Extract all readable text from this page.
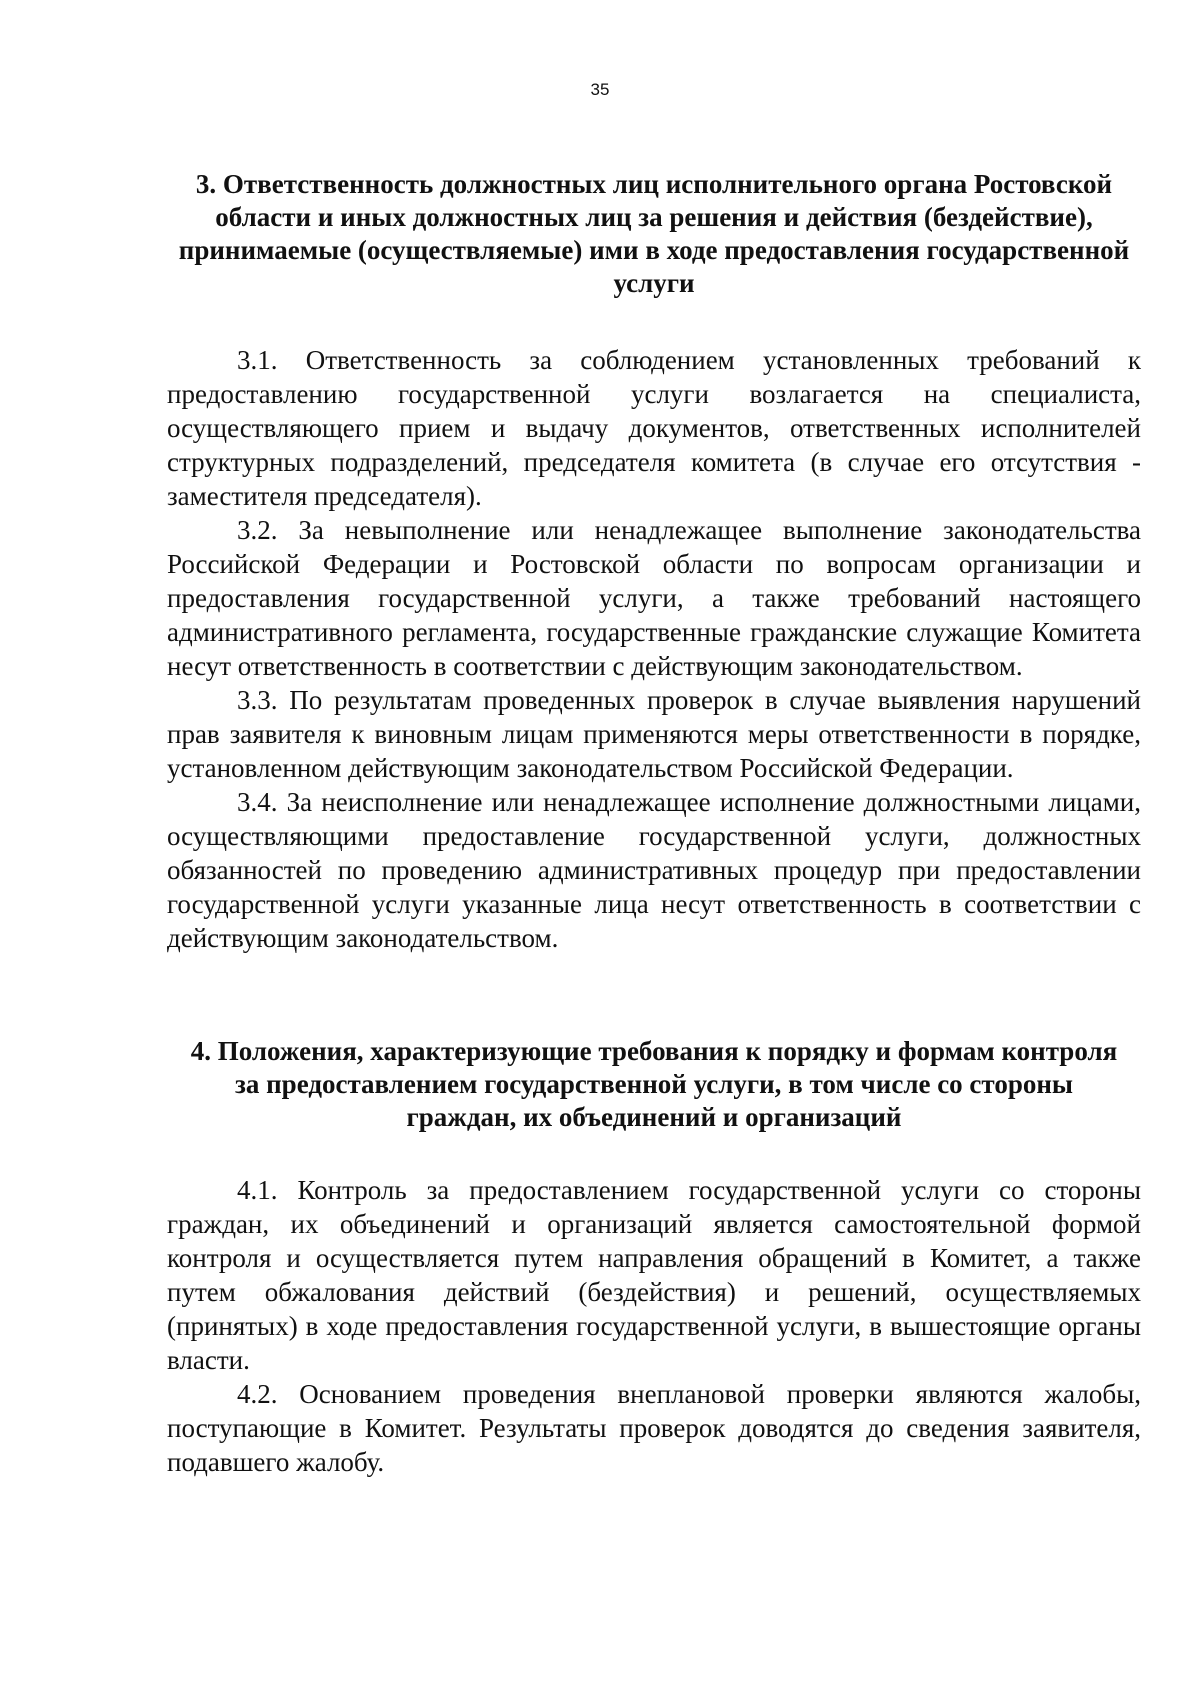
35
3. Ответственность должностных лиц исполнительного органа Ростовской области и иных должностных лиц за решения и действия (бездействие), принимаемые (осуществляемые) ими в ходе предоставления государственной услуги

3.1. Ответственность за соблюдением установленных требований к предоставлению государственной услуги возлагается на специалиста, осуществляющего прием и выдачу документов, ответственных исполнителей структурных подразделений, председателя комитета (в случае его отсутствия - заместителя председателя).

3.2. За невыполнение или ненадлежащее выполнение законодательства Российской Федерации и Ростовской области по вопросам организации и предоставления государственной услуги, а также требований настоящего административного регламента, государственные гражданские служащие Комитета несут ответственность в соответствии с действующим законодательством.

3.3. По результатам проведенных проверок в случае выявления нарушений прав заявителя к виновным лицам применяются меры ответственности в порядке, установленном действующим законодательством Российской Федерации.

3.4. За неисполнение или ненадлежащее исполнение должностными лицами, осуществляющими предоставление государственной услуги, должностных обязанностей по проведению административных процедур при предоставлении государственной услуги указанные лица несут ответственность в соответствии с действующим законодательством.

4. Положения, характеризующие требования к порядку и формам контроля за предоставлением государственной услуги, в том числе со стороны граждан, их объединений и организаций

4.1. Контроль за предоставлением государственной услуги со стороны граждан, их объединений и организаций является самостоятельной формой контроля и осуществляется путем направления обращений в Комитет, а также путем обжалования действий (бездействия) и решений, осуществляемых (принятых) в ходе предоставления государственной услуги, в вышестоящие органы власти.

4.2. Основанием проведения внеплановой проверки являются жалобы, поступающие в Комитет. Результаты проверок доводятся до сведения заявителя, подавшего жалобу.
